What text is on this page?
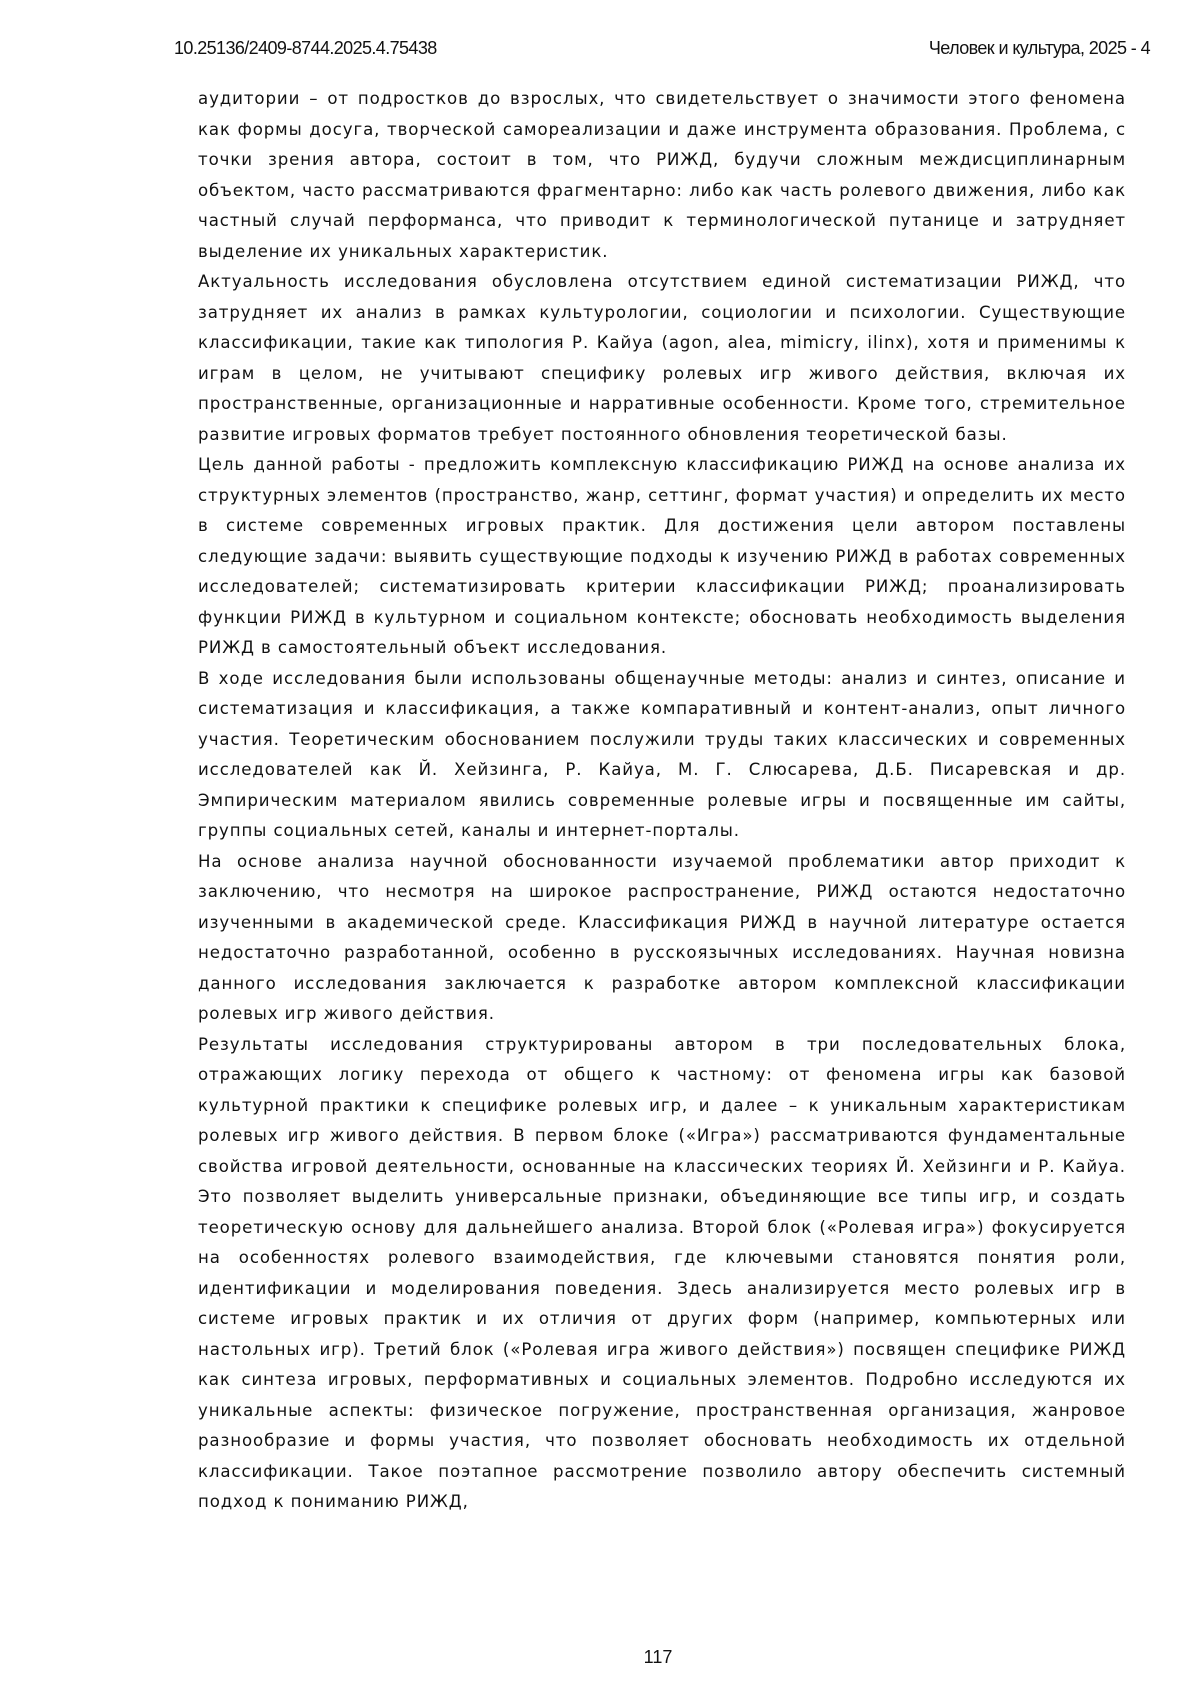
10.25136/2409-8744.2025.4.75438	Человек и культура, 2025 - 4

аудитории – от подростков до взрослых, что свидетельствует о значимости этого феномена как формы досуга, творческой самореализации и даже инструмента образования. Проблема, с точки зрения автора, состоит в том, что РИЖД, будучи сложным междисциплинарным объектом, часто рассматриваются фрагментарно: либо как часть ролевого движения, либо как частный случай перформанса, что приводит к терминологической путанице и затрудняет выделение их уникальных характеристик.

Актуальность исследования обусловлена отсутствием единой систематизации РИЖД, что затрудняет их анализ в рамках культурологии, социологии и психологии. Существующие классификации, такие как типология Р. Кайуа (agon, alea, mimicry, ilinx), хотя и применимы к играм в целом, не учитывают специфику ролевых игр живого действия, включая их пространственные, организационные и нарративные особенности. Кроме того, стремительное развитие игровых форматов требует постоянного обновления теоретической базы.

Цель данной работы - предложить комплексную классификацию РИЖД на основе анализа их структурных элементов (пространство, жанр, сеттинг, формат участия) и определить их место в системе современных игровых практик. Для достижения цели автором поставлены следующие задачи: выявить существующие подходы к изучению РИЖД в работах современных исследователей; систематизировать критерии классификации РИЖД; проанализировать функции РИЖД в культурном и социальном контексте; обосновать необходимость выделения РИЖД в самостоятельный объект исследования.

В ходе исследования были использованы общенаучные методы: анализ и синтез, описание и систематизация и классификация, а также компаративный и контент-анализ, опыт личного участия. Теоретическим обоснованием послужили труды таких классических и современных исследователей как Й. Хейзинга, Р. Кайуа, М. Г. Слюсарева, Д.Б. Писаревская и др. Эмпирическим материалом явились современные ролевые игры и посвященные им сайты, группы социальных сетей, каналы и интернет-порталы.

На основе анализа научной обоснованности изучаемой проблематики автор приходит к заключению, что несмотря на широкое распространение, РИЖД остаются недостаточно изученными в академической среде. Классификация РИЖД в научной литературе остается недостаточно разработанной, особенно в русскоязычных исследованиях. Научная новизна данного исследования заключается к разработке автором комплексной классификации ролевых игр живого действия.

Результаты исследования структурированы автором в три последовательных блока, отражающих логику перехода от общего к частному: от феномена игры как базовой культурной практики к специфике ролевых игр, и далее – к уникальным характеристикам ролевых игр живого действия. В первом блоке («Игра») рассматриваются фундаментальные свойства игровой деятельности, основанные на классических теориях Й. Хейзинги и Р. Кайуа. Это позволяет выделить универсальные признаки, объединяющие все типы игр, и создать теоретическую основу для дальнейшего анализа. Второй блок («Ролевая игра») фокусируется на особенностях ролевого взаимодействия, где ключевыми становятся понятия роли, идентификации и моделирования поведения. Здесь анализируется место ролевых игр в системе игровых практик и их отличия от других форм (например, компьютерных или настольных игр). Третий блок («Ролевая игра живого действия») посвящен специфике РИЖД как синтеза игровых, перформативных и социальных элементов. Подробно исследуются их уникальные аспекты: физическое погружение, пространственная организация, жанровое разнообразие и формы участия, что позволяет обосновать необходимость их отдельной классификации. Такое поэтапное рассмотрение позволило автору обеспечить системный подход к пониманию РИЖД,

117
